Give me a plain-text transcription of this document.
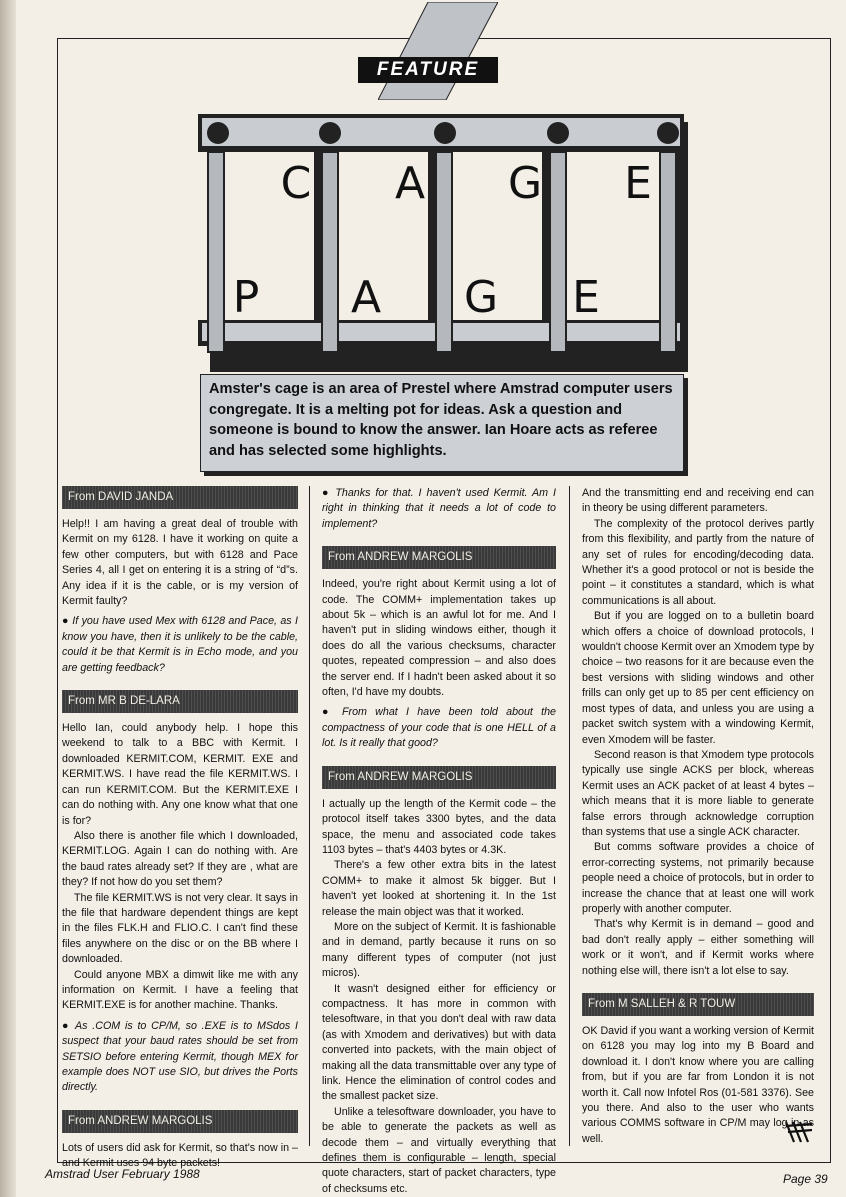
FEATURE
C A G E
P A G E
Amster's cage is an area of Prestel where Amstrad computer users congregate. It is a melting pot for ideas. Ask a question and someone is bound to know the answer. Ian Hoare acts as referee and has selected some highlights.
From DAVID JANDA

Help!! I am having a great deal of trouble with Kermit on my 6128. I have it working on quite a few other computers, but with 6128 and Pace Series 4, all I get on entering it is a string of “d”s. Any idea if it is the cable, or is my version of Kermit faulty?

● If you have used Mex with 6128 and Pace, as I know you have, then it is unlikely to be the cable, could it be that Kermit is in Echo mode, and you are getting feedback?

From MR B DE-LARA

Hello Ian, could anybody help. I hope this weekend to talk to a BBC with Kermit. I downloaded KERMIT.COM, KERMIT. EXE and KERMIT.WS. I have read the file KERMIT.WS. I can run KERMIT.COM. But the KERMIT.EXE I can do nothing with. Any one know what that one is for?

Also there is another file which I downloaded, KERMIT.LOG. Again I can do nothing with. Are the baud rates already set? If they are , what are they? If not how do you set them?

The file KERMIT.WS is not very clear. It says in the file that hardware dependent things are kept in the files FLK.H and FLIO.C. I can't find these files anywhere on the disc or on the BB where I downloaded.

Could anyone MBX a dimwit like me with any information on Kermit. I have a feeling that KERMIT.EXE is for another machine. Thanks.

● As .COM is to CP/M, so .EXE is to MSdos I suspect that your baud rates should be set from SETSIO before entering Kermit, though MEX for example does NOT use SIO, but drives the Ports directly.

From ANDREW MARGOLIS

Lots of users did ask for Kermit, so that's now in – and Kermit uses 94 byte packets!

● Thanks for that. I haven't used Kermit. Am I right in thinking that it needs a lot of code to implement?

From ANDREW MARGOLIS

Indeed, you're right about Kermit using a lot of code. The COMM+ implementation takes up about 5k – which is an awful lot for me. And I haven't put in sliding windows either, though it does do all the various checksums, character quotes, repeated compression – and also does the server end. If I hadn't been asked about it so often, I'd have my doubts.

● From what I have been told about the compactness of your code that is one HELL of a lot. Is it really that good?

From ANDREW MARGOLIS

I actually up the length of the Kermit code – the protocol itself takes 3300 bytes, and the data space, the menu and associated code takes 1103 bytes – that's 4403 bytes or 4.3K.

There's a few other extra bits in the latest COMM+ to make it almost 5k bigger. But I haven't yet looked at shortening it. In the 1st release the main object was that it worked.

More on the subject of Kermit. It is fashionable and in demand, partly because it runs on so many different types of computer (not just micros).

It wasn't designed either for efficiency or compactness. It has more in common with telesoftware, in that you don't deal with raw data (as with Xmodem and derivatives) but with data converted into packets, with the main object of making all the data transmittable over any type of link. Hence the elimination of control codes and the smallest packet size.

Unlike a telesoftware downloader, you have to be able to generate the packets as well as decode them – and virtually everything that defines them is configurable – length, special quote characters, start of packet characters, type of checksums etc.

And the transmitting end and receiving end can in theory be using different parameters.

The complexity of the protocol derives partly from this flexibility, and partly from the nature of any set of rules for encoding/decoding data. Whether it's a good protocol or not is beside the point – it constitutes a standard, which is what communications is all about.

But if you are logged on to a bulletin board which offers a choice of download protocols, I wouldn't choose Kermit over an Xmodem type by choice – two reasons for it are because even the best versions with sliding windows and other frills can only get up to 85 per cent efficiency on most types of data, and unless you are using a packet switch system with a windowing Kermit, even Xmodem will be faster.

Second reason is that Xmodem type protocols typically use single ACKS per block, whereas Kermit uses an ACK packet of at least 4 bytes – which means that it is more liable to generate false errors through acknowledge corruption than systems that use a single ACK character.

But comms software provides a choice of error-correcting systems, not primarily because people need a choice of protocols, but in order to increase the chance that at least one will work properly with another computer.

That's why Kermit is in demand – good and bad don't really apply – either something will work or it won't, and if Kermit works where nothing else will, there isn't a lot else to say.

From M SALLEH & R TOUW

OK David if you want a working version of Kermit on 6128 you may log into my B Board and download it. I don't know where you are calling from, but if you are far from London it is not worth it. Call now Infotel Ros (01-581 3376). See you there. And also to the user who wants various COMMS software in CP/M may log in as well.

Amstrad User February 1988	Page 39
